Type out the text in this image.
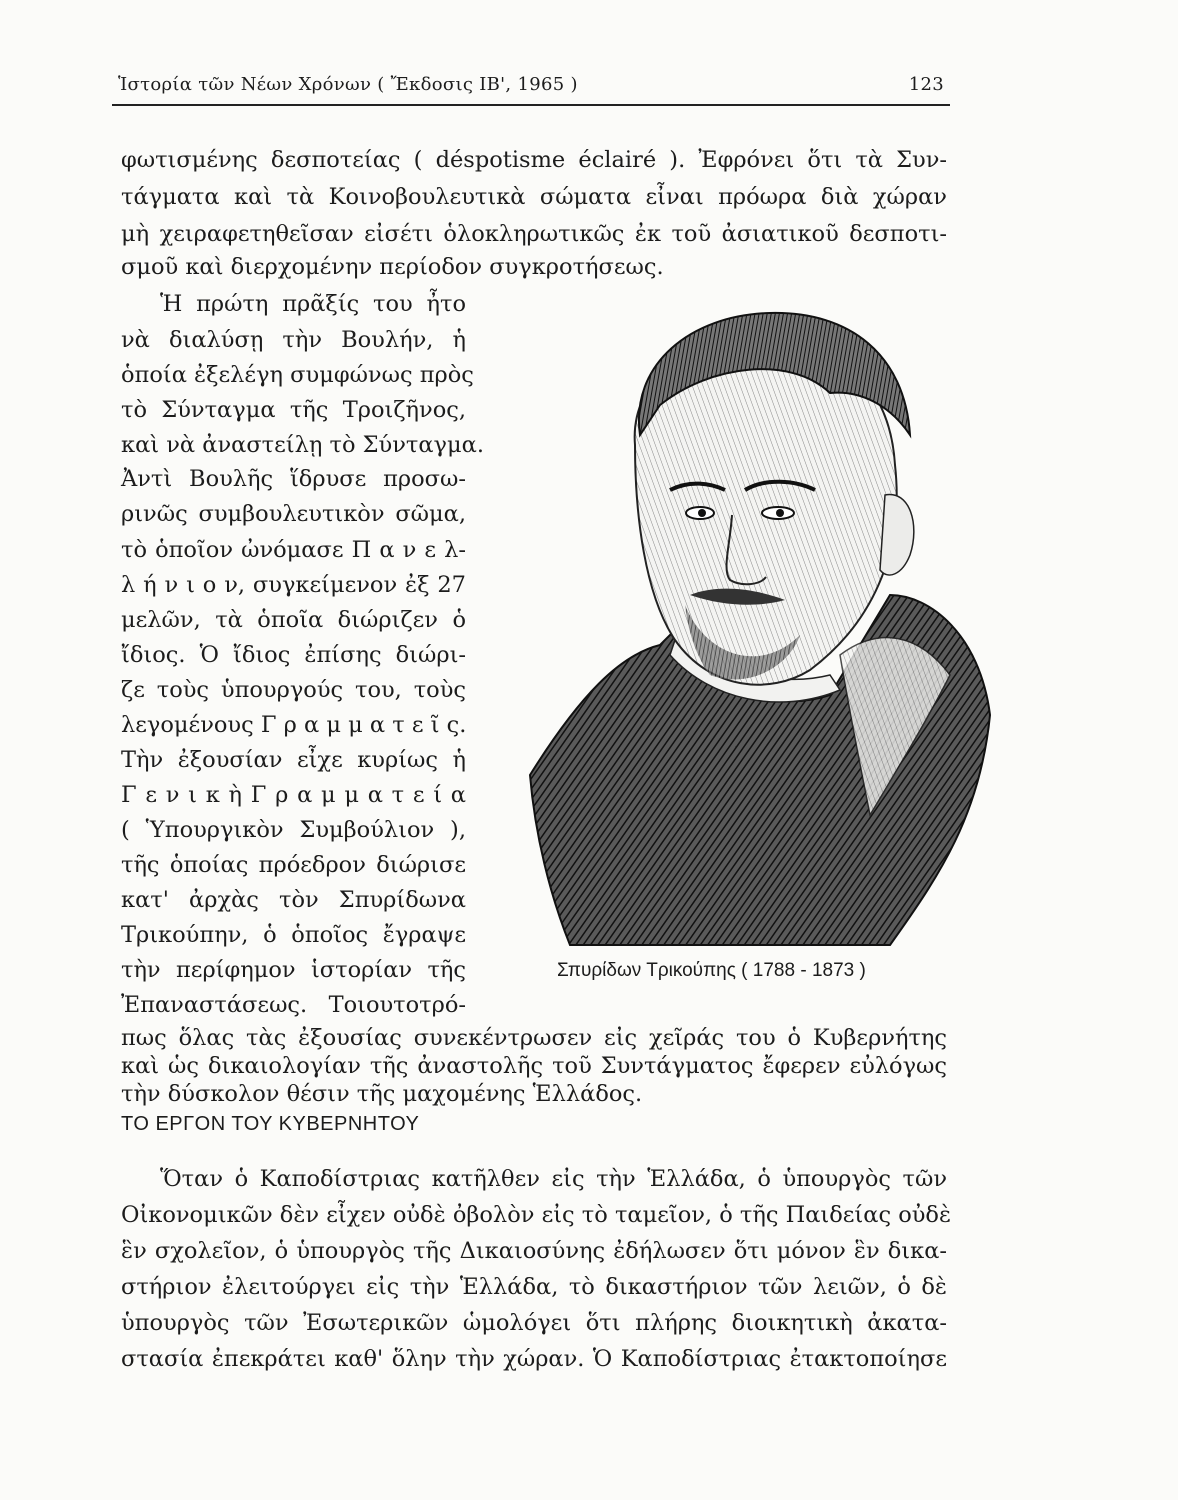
Ἱστορία τῶν Νέων Χρόνων ( Ἔκδοσις ΙΒ', 1965 )	123
φωτισμένης δεσποτείας ( déspotisme éclairé ). Ἐφρόνει ὅτι τὰ Συν-
τάγματα καὶ τὰ Κοινοβουλευτικὰ σώματα εἶναι πρόωρα διὰ χώραν
μὴ χειραφετηθεῖσαν εἰσέτι ὁλοκληρωτικῶς ἐκ τοῦ ἀσιατικοῦ δεσποτι-
σμοῦ καὶ διερχομένην περίοδον συγκροτήσεως.
Ἡ πρώτη πρᾶξίς του ἦτο
νὰ διαλύσῃ τὴν Βουλήν, ἡ
ὁποία ἐξελέγη συμφώνως πρὸς
τὸ Σύνταγμα τῆς Τροιζῆνος,
καὶ νὰ ἀναστείλῃ τὸ Σύνταγμα.
Ἀντὶ Βουλῆς ἵδρυσε προσω-
ρινῶς συμβουλευτικὸν σῶμα,
τὸ ὁποῖον ὠνόμασε Π α ν ε λ-
λ ή ν ι ο ν, συγκείμενον ἐξ 27
μελῶν, τὰ ὁποῖα διώριζεν ὁ
ἴδιος. Ὁ ἴδιος ἐπίσης διώρι-
ζε τοὺς ὑπουργούς του, τοὺς
λεγομένους Γ ρ α μ μ α τ ε ῖ ς.
Τὴν ἐξουσίαν εἶχε κυρίως ἡ
Γ ε ν ι κ ὴ Γ ρ α μ μ α τ ε ί α
( Ὑπουργικὸν Συμβούλιον ),
τῆς ὁποίας πρόεδρον διώρισε
κατ' ἀρχὰς τὸν Σπυρίδωνα
Τρικούπην, ὁ ὁποῖος ἔγραψε
τὴν περίφημον ἱστορίαν τῆς
Ἐπαναστάσεως. Τοιουτοτρό-
Σπυρίδων Τρικούπης ( 1788 - 1873 )
πως ὅλας τὰς ἐξουσίας συνεκέντρωσεν εἰς χεῖράς του ὁ Κυβερνήτης
καὶ ὡς δικαιολογίαν τῆς ἀναστολῆς τοῦ Συντάγματος ἔφερεν εὐλόγως
τὴν δύσκολον θέσιν τῆς μαχομένης Ἑλλάδος.
ΤΟ ΕΡΓΟΝ ΤΟΥ ΚΥΒΕΡΝΗΤΟΥ
Ὅταν ὁ Καποδίστριας κατῆλθεν εἰς τὴν Ἑλλάδα, ὁ ὑπουργὸς τῶν
Οἰκονομικῶν δὲν εἶχεν οὐδὲ ὀβολὸν εἰς τὸ ταμεῖον, ὁ τῆς Παιδείας οὐδὲ
ἓν σχολεῖον, ὁ ὑπουργὸς τῆς Δικαιοσύνης ἐδήλωσεν ὅτι μόνον ἓν δικα-
στήριον ἐλειτούργει εἰς τὴν Ἑλλάδα, τὸ δικαστήριον τῶν λειῶν, ὁ δὲ
ὑπουργὸς τῶν Ἐσωτερικῶν ὡμολόγει ὅτι πλήρης διοικητικὴ ἀκατα-
στασία ἐπεκράτει καθ' ὅλην τὴν χώραν. Ὁ Καποδίστριας ἐτακτοποίησε
